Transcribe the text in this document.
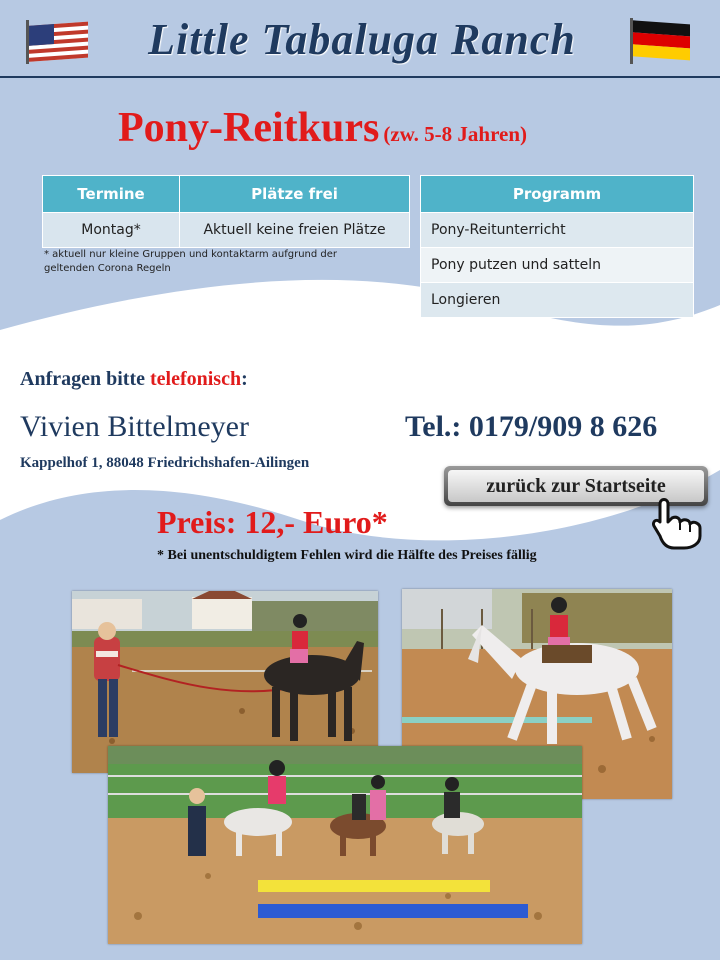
Little Tabaluga Ranch
Pony-Reitkurs (zw. 5-8 Jahren)
Termine	Plätze frei
Montag*	Aktuell keine freien Plätze
Programm
Pony-Reitunterricht
Pony putzen und satteln
Longieren
* aktuell nur kleine Gruppen und kontaktarm aufgrund der geltenden Corona Regeln
Anfragen bitte telefonisch:
Vivien Bittelmeyer	Tel.: 0179/909 8 626
Kappelhof 1, 88048 Friedrichshafen-Ailingen
zurück zur Startseite
Preis: 12,- Euro*
* Bei unentschuldigtem Fehlen wird die Hälfte des Preises fällig
